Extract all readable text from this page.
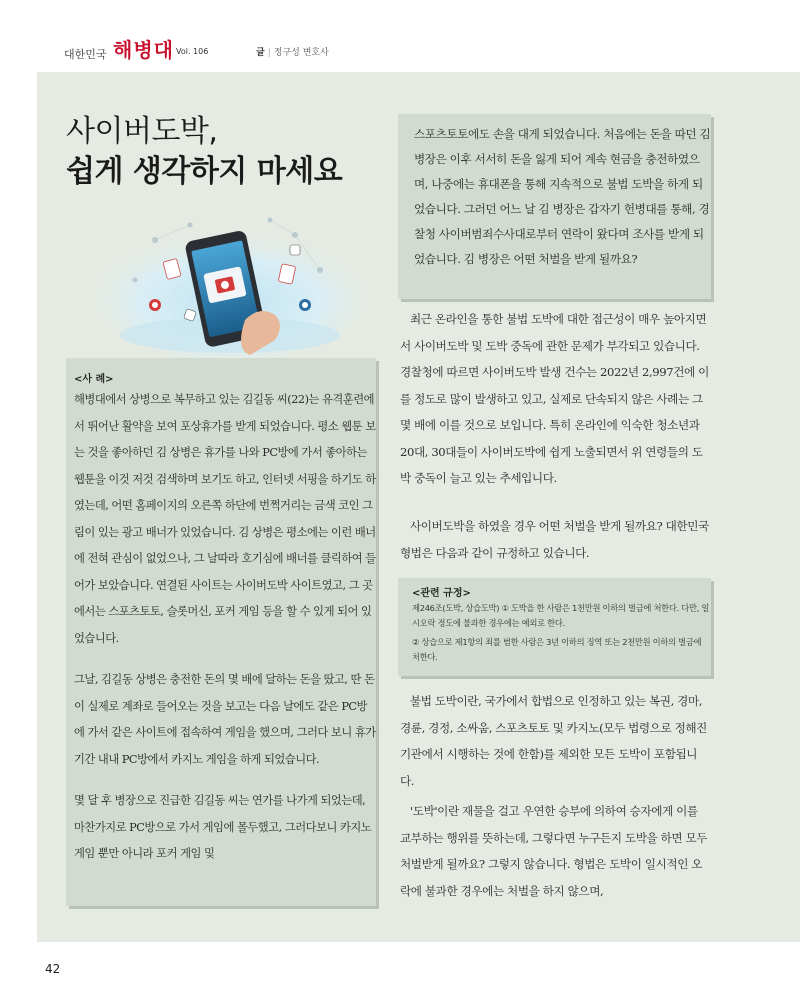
대한민국 해병대 Vol. 106	글 | 정구성 변호사
사이버도박,
쉽게 생각하지 마세요
<사 례>

해병대에서 상병으로 복무하고 있는 김길동 씨(22)는 유격훈련에서 뛰어난 활약을 보여 포상휴가를 받게 되었습니다. 평소 웹툰 보는 것을 좋아하던 김 상병은 휴가를 나와 PC방에 가서 좋아하는 웹툰을 이것 저것 검색하며 보기도 하고, 인터넷 서핑을 하기도 하였는데, 어떤 홈페이지의 오른쪽 하단에 번쩍거리는 금색 코인 그림이 있는 광고 배너가 있었습니다. 김 상병은 평소에는 이런 배너에 전혀 관심이 없었으나, 그 날따라 호기심에 배너를 클릭하여 들어가 보았습니다. 연결된 사이트는 사이버도박 사이트였고, 그 곳에서는 스포츠토토, 슬롯머신, 포커 게임 등을 할 수 있게 되어 있었습니다.

그날, 김길동 상병은 충전한 돈의 몇 배에 달하는 돈을 땄고, 딴 돈이 실제로 계좌로 들어오는 것을 보고는 다음 날에도 같은 PC방에 가서 같은 사이트에 접속하여 게임을 했으며, 그러다 보니 휴가기간 내내 PC방에서 카지노 게임을 하게 되었습니다.

몇 달 후 병장으로 진급한 김길동 씨는 연가를 나가게 되었는데, 마찬가지로 PC방으로 가서 게임에 몰두했고, 그러다보니 카지노 게임 뿐만 아니라 포커 게임 및

스포츠토토에도 손을 대게 되었습니다. 처음에는 돈을 따던 김 병장은 이후 서서히 돈을 잃게 되어 계속 현금을 충전하였으며, 나중에는 휴대폰을 통해 지속적으로 불법 도박을 하게 되었습니다. 그러던 어느 날 김 병장은 갑자기 헌병대를 통해, 경찰청 사이버범죄수사대로부터 연락이 왔다며 조사를 받게 되었습니다. 김 병장은 어떤 처벌을 받게 될까요?

최근 온라인을 통한 불법 도박에 대한 접근성이 매우 높아지면서 사이버도박 및 도박 중독에 관한 문제가 부각되고 있습니다. 경찰청에 따르면 사이버도박 발생 건수는 2022년 2,997건에 이를 정도로 많이 발생하고 있고, 실제로 단속되지 않은 사례는 그 몇 배에 이를 것으로 보입니다. 특히 온라인에 익숙한 청소년과 20대, 30대들이 사이버도박에 쉽게 노출되면서 위 연령들의 도박 중독이 늘고 있는 추세입니다.

사이버도박을 하였을 경우 어떤 처벌을 받게 될까요? 대한민국 형법은 다음과 같이 규정하고 있습니다.

<관련 규정>
제246조(도박, 상습도박) ① 도박을 한 사람은 1천만원 이하의 벌금에 처한다. 다만, 일시오락 정도에 불과한 경우에는 예외로 한다.
② 상습으로 제1항의 죄를 범한 사람은 3년 이하의 징역 또는 2천만원 이하의 벌금에 처한다.

불법 도박이란, 국가에서 합법으로 인정하고 있는 복권, 경마, 경륜, 경정, 소싸움, 스포츠토토 및 카지노(모두 법령으로 정해진 기관에서 시행하는 것에 한함)를 제외한 모든 도박이 포함됩니다.

'도박'이란 재물을 걸고 우연한 승부에 의하여 승자에게 이를 교부하는 행위를 뜻하는데, 그렇다면 누구든지 도박을 하면 모두 처벌받게 될까요? 그렇지 않습니다. 형법은 도박이 일시적인 오락에 불과한 경우에는 처벌을 하지 않으며,

42
